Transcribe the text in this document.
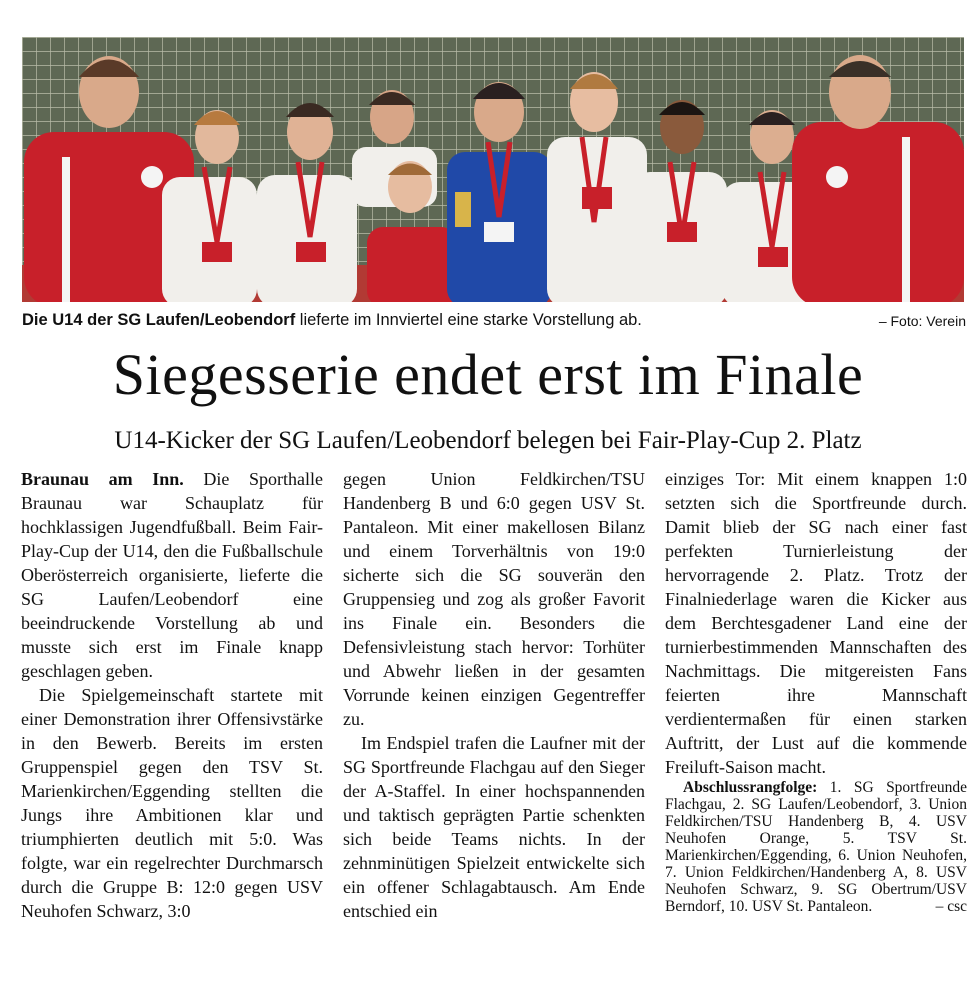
Die U14 der SG Laufen/Leobendorf lieferte im Innviertel eine starke Vorstellung ab.	– Foto: Verein
Siegesserie endet erst im Finale
U14-Kicker der SG Laufen/Leobendorf belegen bei Fair-Play-Cup 2. Platz

Braunau am Inn. Die Sporthalle Braunau war Schauplatz für hochklassigen Jugendfußball. Beim Fair-Play-Cup der U14, den die Fußballschule Oberösterreich organisierte, lieferte die SG Laufen/Leobendorf eine beeindruckende Vorstellung ab und musste sich erst im Finale knapp geschlagen geben.

Die Spielgemeinschaft startete mit einer Demonstration ihrer Offensivstärke in den Bewerb. Bereits im ersten Gruppenspiel gegen den TSV St. Marienkirchen/Eggending stellten die Jungs ihre Ambitionen klar und triumphierten deutlich mit 5:0. Was folgte, war ein regelrechter Durchmarsch durch die Gruppe B: 12:0 gegen USV Neuhofen Schwarz, 3:0

gegen Union Feldkirchen/TSU Handenberg B und 6:0 gegen USV St. Pantaleon. Mit einer makellosen Bilanz und einem Torverhältnis von 19:0 sicherte sich die SG souverän den Gruppensieg und zog als großer Favorit ins Finale ein. Besonders die Defensivleistung stach hervor: Torhüter und Abwehr ließen in der gesamten Vorrunde keinen einzigen Gegentreffer zu.

Im Endspiel trafen die Laufner mit der SG Sportfreunde Flachgau auf den Sieger der A-Staffel. In einer hochspannenden und taktisch geprägten Partie schenkten sich beide Teams nichts. In der zehnminütigen Spielzeit entwickelte sich ein offener Schlagabtausch. Am Ende entschied ein

einziges Tor: Mit einem knappen 1:0 setzten sich die Sportfreunde durch. Damit blieb der SG nach einer fast perfekten Turnierleistung der hervorragende 2. Platz. Trotz der Finalniederlage waren die Kicker aus dem Berchtesgadener Land eine der turnierbestimmenden Mannschaften des Nachmittags. Die mitgereisten Fans feierten ihre Mannschaft verdientermaßen für einen starken Auftritt, der Lust auf die kommende Freiluft-Saison macht.

Abschlussrangfolge: 1. SG Sportfreunde Flachgau, 2. SG Laufen/Leobendorf, 3. Union Feldkirchen/TSU Handenberg B, 4. USV Neuhofen Orange, 5. TSV St. Marienkirchen/Eggending, 6. Union Neuhofen, 7. Union Feldkirchen/Handenberg A, 8. USV Neuhofen Schwarz, 9. SG Obertrum/USV Berndorf, 10. USV St. Pantaleon.	– csc
